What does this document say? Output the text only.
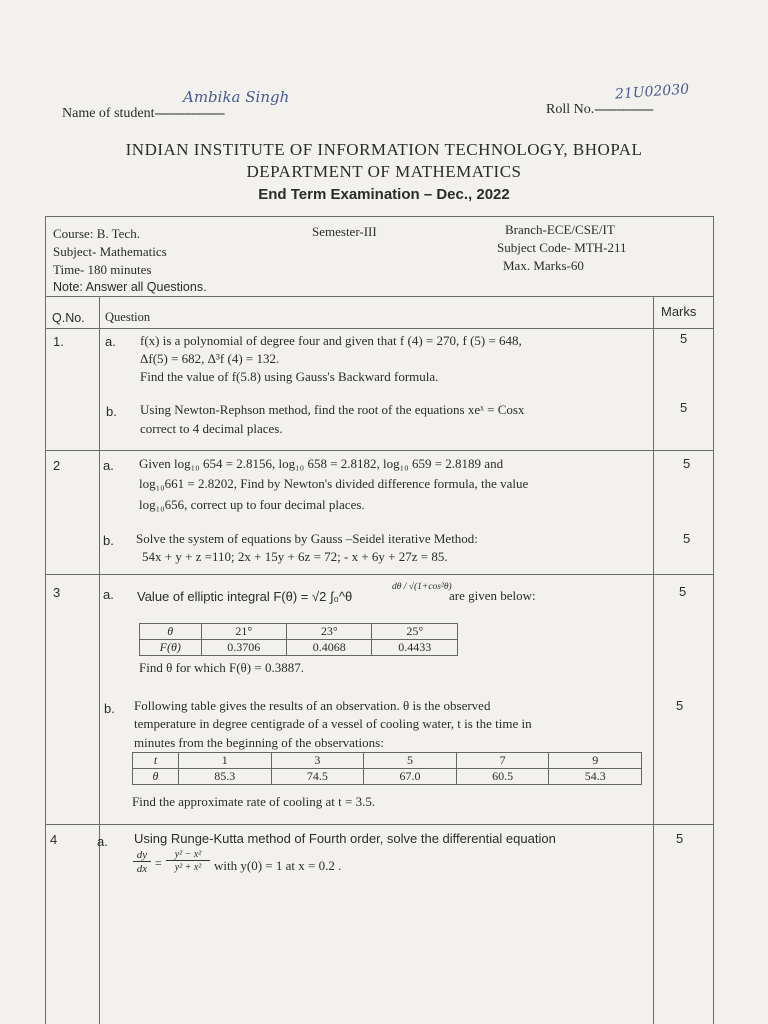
Name of student-------------------
Ambika Singh
Roll No.----------------
21U02030
INDIAN INSTITUTE OF INFORMATION TECHNOLOGY, BHOPAL
DEPARTMENT OF MATHEMATICS
End Term Examination – Dec., 2022
Course: B. Tech.
Subject- Mathematics
Time- 180 minutes
Note: Answer all Questions.
Semester-III	Branch-ECE/CSE/IT
Subject Code- MTH-211
Max. Marks-60
Q.No. Question	Marks
1.	a. f(x) is a polynomial of degree four and given that f (4) = 270, f (5) = 648,
Δf(5) = 682, Δ³f (4) = 132.
Find the value of f(5.8) using Gauss's Backward formula.
5
b. Using Newton-Rephson method, find the root of the equations xeˣ = Cosx
correct to 4 decimal places.
5
2	a. Given log₁₀ 654 = 2.8156, log₁₀ 658 = 2.8182, log₁₀ 659 = 2.8189 and
log₁₀661 = 2.8202, Find by Newton's divided difference formula, the value
log₁₀656, correct up to four decimal places.
5
b. Solve the system of equations by Gauss –Seidel iterative Method:
54x + y + z =110; 2x + 15y + 6z = 72; - x + 6y + 27z = 85.
5
3	a. Value of elliptic integral F(θ) = √2 ∫₀^θ
dθ / √(1+cos²θ)
are given below:	5
θ	21°	23°	25°
F(θ)	0.3706	0.4068	0.4433
Find θ for which F(θ) = 0.3887.
b. Following table gives the results of an observation. θ is the observed
temperature in degree centigrade of a vessel of cooling water, t is the time in
minutes from the beginning of the observations:
5
t	1	3	5	7	9
θ	85.3	74.5	67.0	60.5	54.3
Find the approximate rate of cooling at t = 3.5.
4	a. Using Runge-Kutta method of Fourth order, solve the differential equation	5
$\frac{dy}{dx} = \frac{\text{y² − x²}}{\text{y² + x²}}$ with y(0) = 1 at x = 0.2 .
